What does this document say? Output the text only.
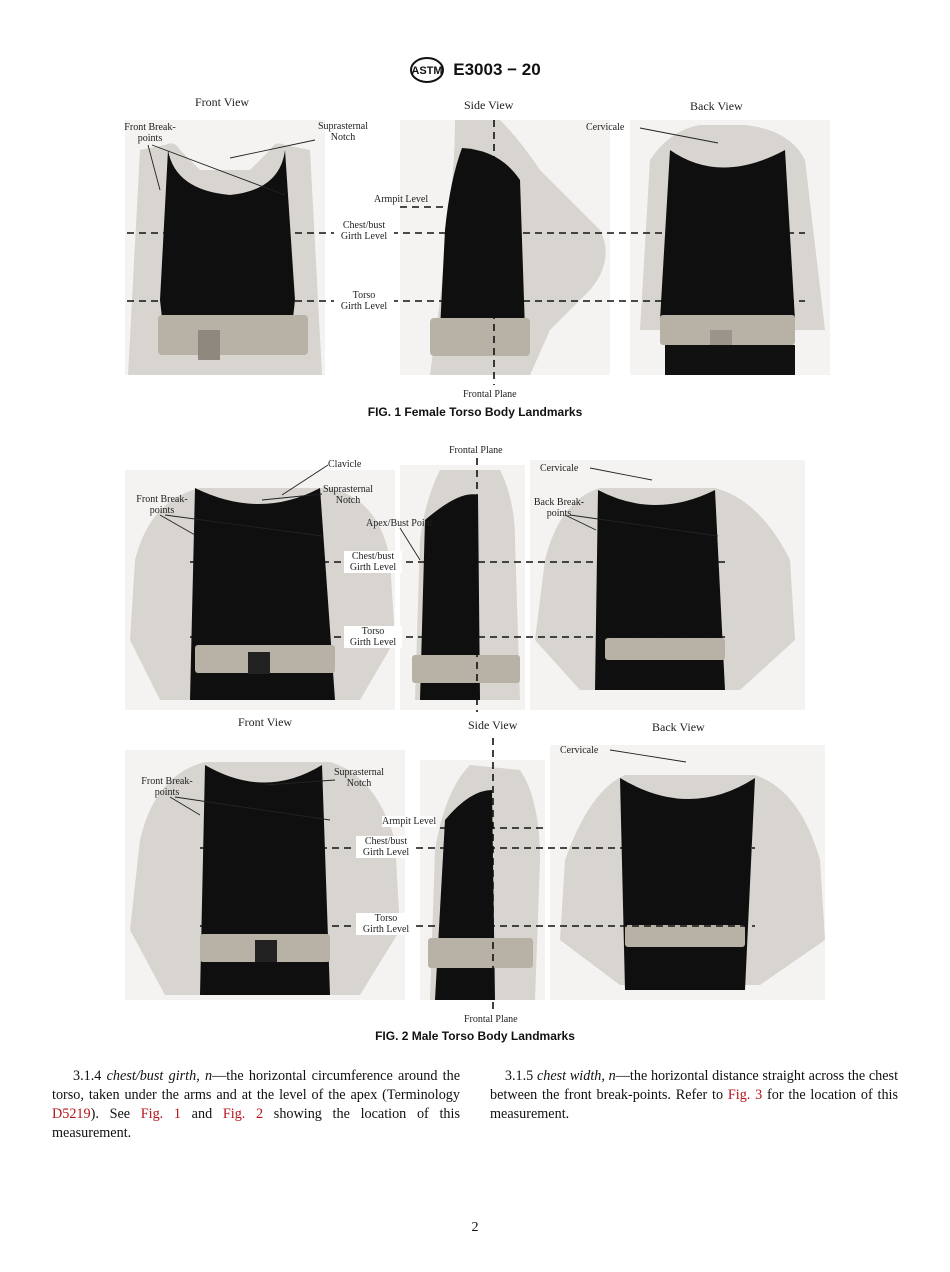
ASTM E3003 − 20
Front View	Side View	Back View
Front Break-
points
Suprasternal
Notch
Armpit Level
Chest/bust
Girth Level
Torso
Girth Level
Cervicale
Frontal Plane
FIG. 1 Female Torso Body Landmarks
Frontal Plane
Clavicle	Cervicale
Front Break-
points
Suprasternal
Notch	Back Break-
points
Apex/Bust Point
Chest/bust
Girth Level
Torso
Girth Level
Front View	Side View	Back View
Cervicale
Front Break-
points
Suprasternal
Notch
Armpit Level
Chest/bust
Girth Level
Torso
Girth Level
Frontal Plane
FIG. 2 Male Torso Body Landmarks
3.1.4 chest/bust girth, n—the horizontal circumference around the torso, taken under the arms and at the level of the apex (Terminology D5219). See Fig. 1 and Fig. 2 showing the location of this measurement.
3.1.5 chest width, n—the horizontal distance straight across the chest between the front break-points. Refer to Fig. 3 for the location of this measurement.
2
